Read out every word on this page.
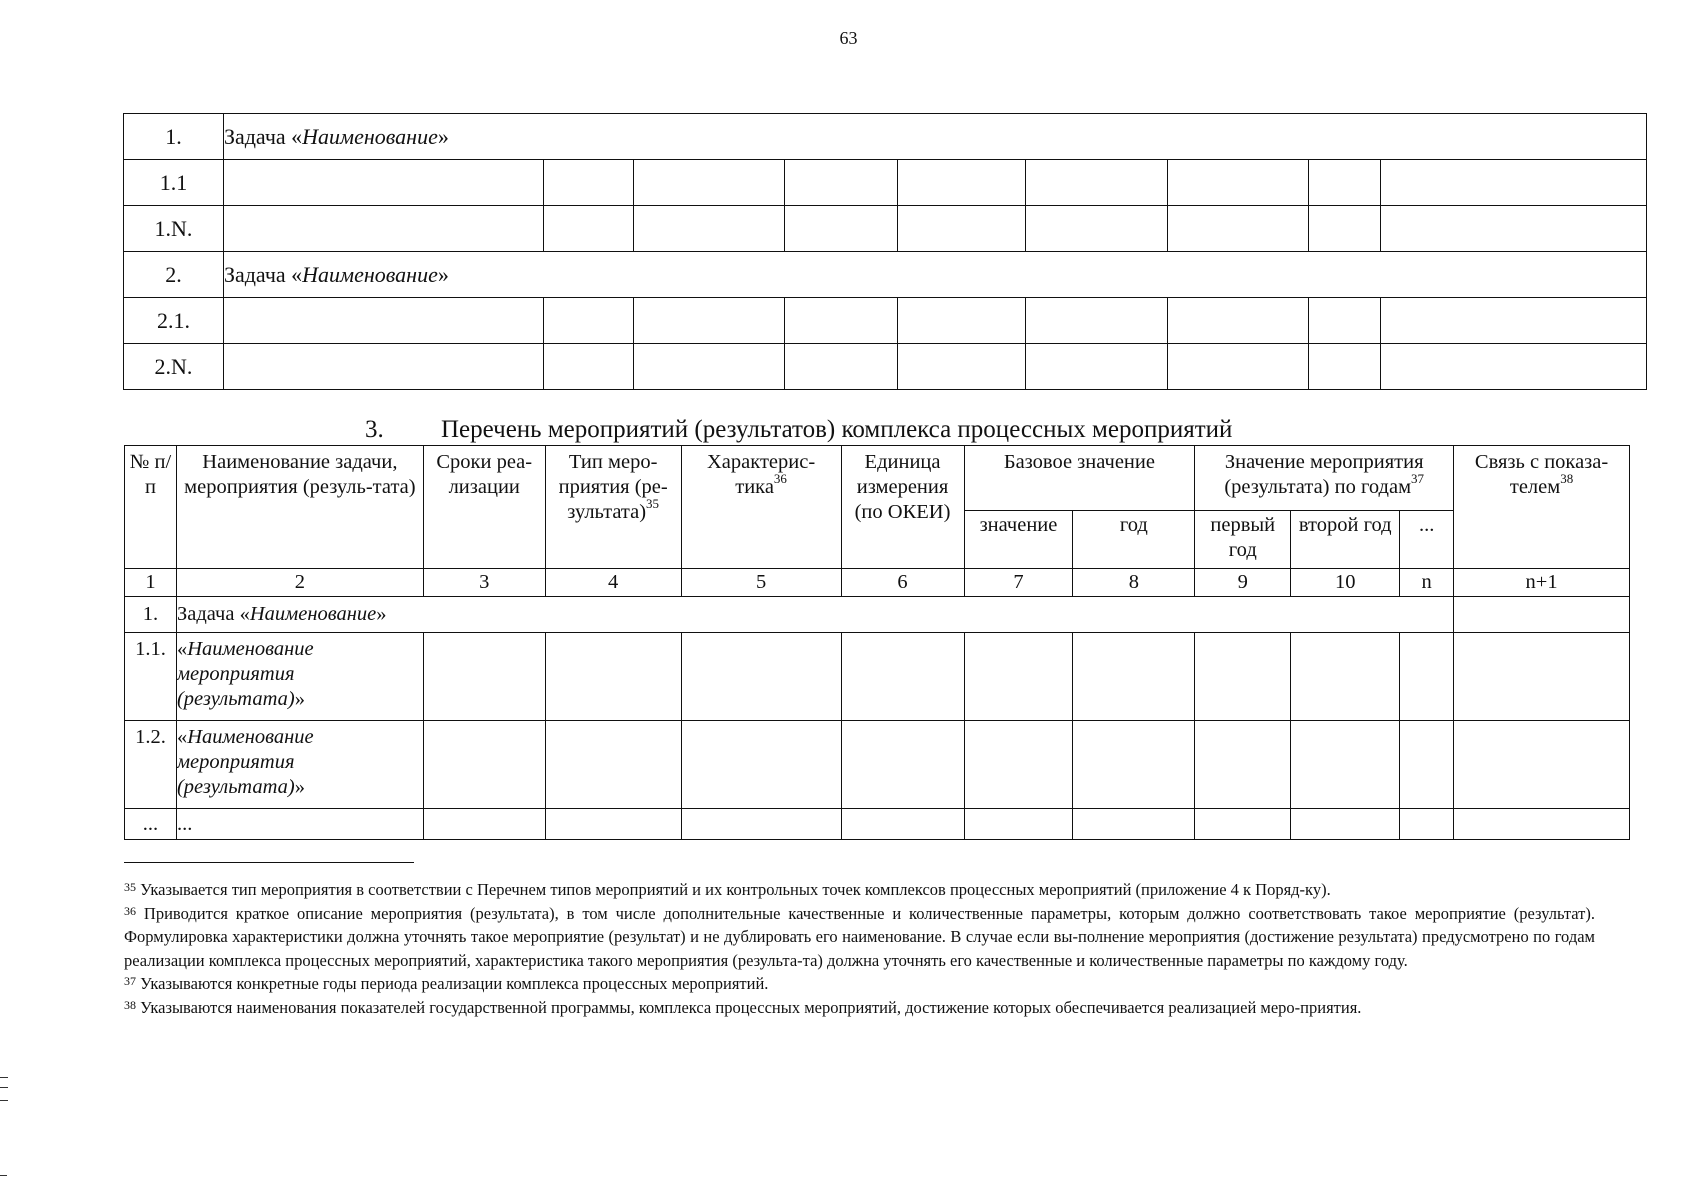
63
1.	Задача «Наименование»								
1.1									
1.N.									
2.	Задача «Наименование»								
2.1.									
2.N.									
3. Перечень мероприятий (результатов) комплекса процессных мероприятий
№ п/п	Наименование задачи, мероприятия (резуль-тата)	Сроки реа-лизации	Тип меро-приятия (ре-зультата)$^{35}$	Характерис-тика$^{36}$	Единица измерения (по ОКЕИ)	Базовое значение		Значение мероприятия (результата) по годам$^{37}$			Связь с показа-телем$^{38}$
						значение	год	первый год	второй год	...	
1	2	3	4	5	6	7	8	9	10	n	n+1
1.	Задача «Наименование»										
1.1.	«Наименование мероприятия (результата)»										
1.2.	«Наименование мероприятия (результата)»										
...	...										

$^{35}$ Указывается тип мероприятия в соответствии с Перечнем типов мероприятий и их контрольных точек комплексов процессных мероприятий (приложение 4 к Поряд-ку).

$^{36}$ Приводится краткое описание мероприятия (результата), в том числе дополнительные качественные и количественные параметры, которым должно соответствовать такое мероприятие (результат). Формулировка характеристики должна уточнять такое мероприятие (результат) и не дублировать его наименование. В случае если вы-полнение мероприятия (достижение результата) предусмотрено по годам реализации комплекса процессных мероприятий, характеристика такого мероприятия (результа-та) должна уточнять его качественные и количественные параметры по каждому году.

$^{37}$ Указываются конкретные годы периода реализации комплекса процессных мероприятий.

$^{38}$ Указываются наименования показателей государственной программы, комплекса процессных мероприятий, достижение которых обеспечивается реализацией меро-приятия.
